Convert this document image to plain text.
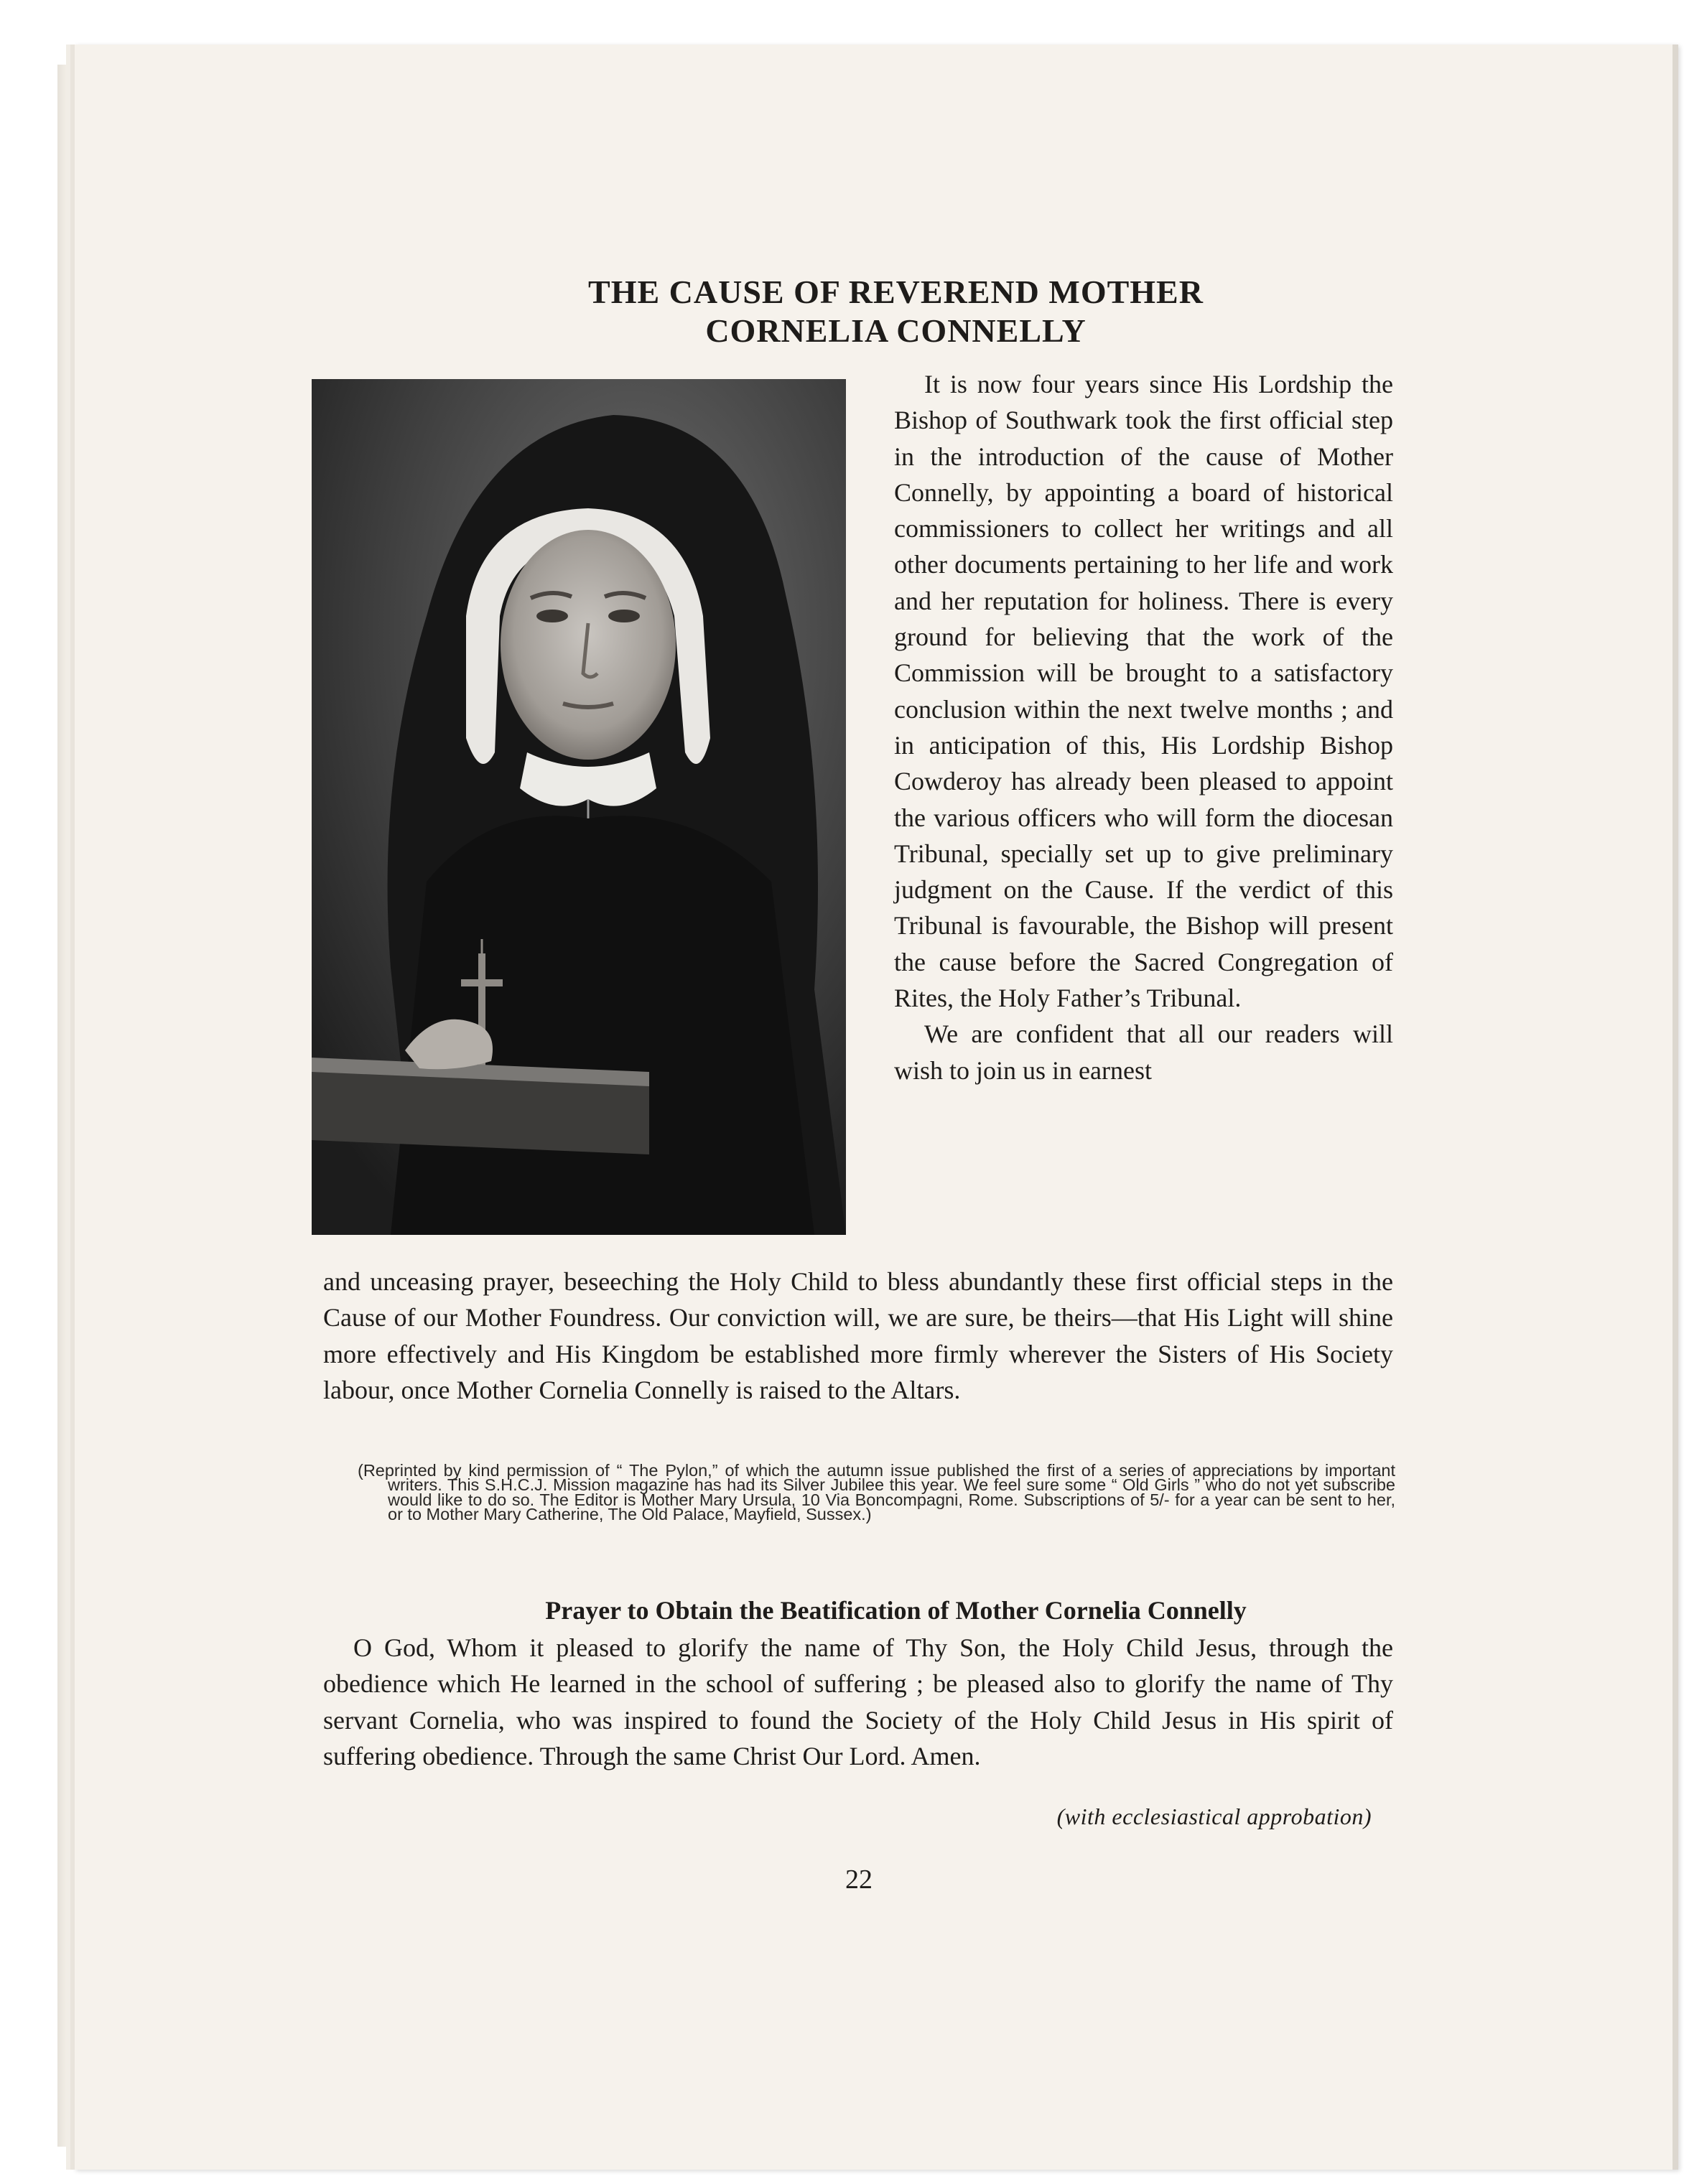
THE CAUSE OF REVEREND MOTHER
CORNELIA CONNELLY

It is now four years since His Lordship the Bishop of Southwark took the first official step in the introduction of the cause of Mother Connelly, by appointing a board of historical commissioners to collect her writings and all other documents pertaining to her life and work and her reputation for holiness. There is every ground for believing that the work of the Commission will be brought to a satisfactory conclusion within the next twelve months ; and in anticipation of this, His Lordship Bishop Cowderoy has already been pleased to appoint the various officers who will form the diocesan Tribunal, specially set up to give preliminary judgment on the Cause. If the verdict of this Tribunal is favourable, the Bishop will present the cause before the Sacred Congregation of Rites, the Holy Father’s Tribunal.

We are confident that all our readers will wish to join us in earnest

and unceasing prayer, beseeching the Holy Child to bless abundantly these first official steps in the Cause of our Mother Foundress. Our conviction will, we are sure, be theirs—that His Light will shine more effectively and His Kingdom be established more firmly wherever the Sisters of His Society labour, once Mother Cornelia Connelly is raised to the Altars.
(Reprinted by kind permission of “ The Pylon,” of which the autumn issue published the first of a series of appreciations by important writers. This S.H.C.J. Mission magazine has had its Silver Jubilee this year. We feel sure some “ Old Girls ” who do not yet subscribe would like to do so. The Editor is Mother Mary Ursula, 10 Via Boncompagni, Rome. Subscriptions of 5/- for a year can be sent to her, or to Mother Mary Catherine, The Old Palace, Mayfield, Sussex.)
Prayer to Obtain the Beatification of Mother Cornelia Connelly

O God, Whom it pleased to glorify the name of Thy Son, the Holy Child Jesus, through the obedience which He learned in the school of suffering ; be pleased also to glorify the name of Thy servant Cornelia, who was inspired to found the Society of the Holy Child Jesus in His spirit of suffering obedience. Through the same Christ Our Lord. Amen.

(with ecclesiastical approbation)

22
